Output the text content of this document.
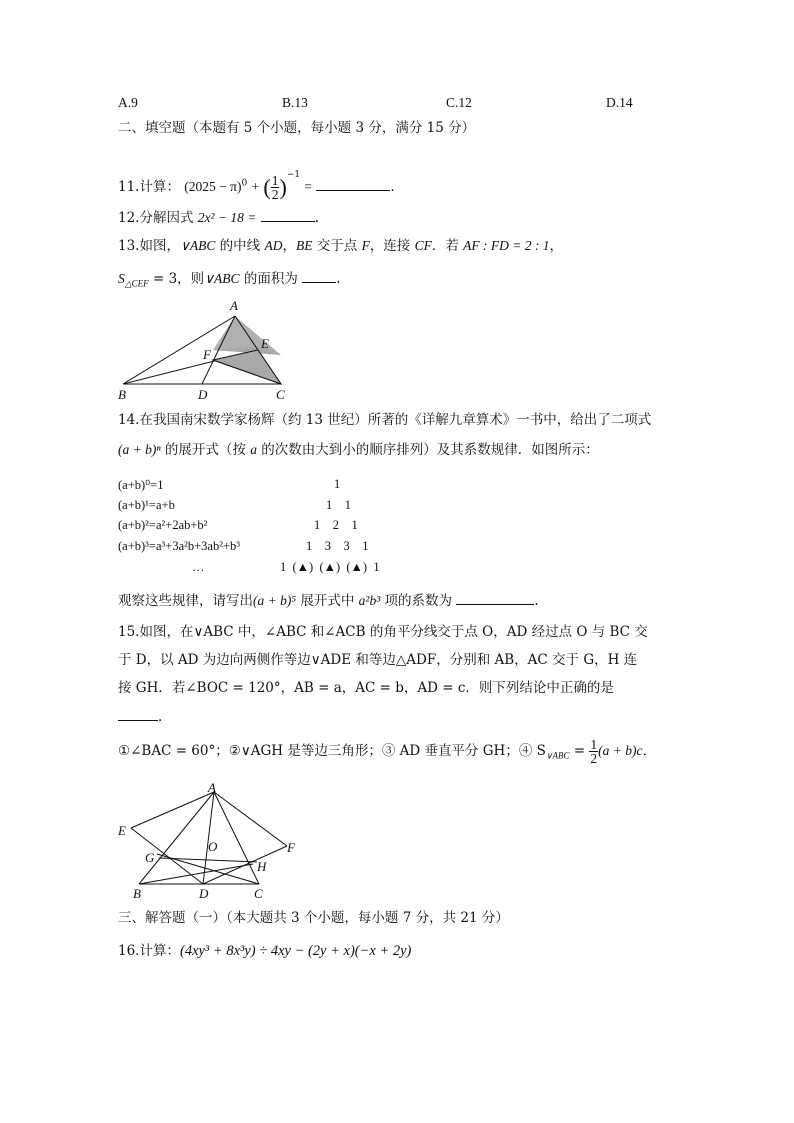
A.9	B.13	C.12	D.14
二、填空题（本题有 5 个小题，每小题 3 分，满分 15 分）
11.计算： $(2025 - \pi)^0$ + ( $\frac{1}{2} )^{-1}$ =	.
12.分解因式 2x² − 18 =	.
13.如图，∨ABC 的中线 AD，BE 交于点 F，连接 CF．若 AF : FD = 2 : 1，
$S_{\triangle CEF} = 3$，则∨ABC 的面积为	.
A
E
F
B	D	C
14.在我国南宋数学家杨辉（约 13 世纪）所著的《详解九章算术》一书中，给出了二项式
(a + b)ⁿ 的展开式（按 a 的次数由大到小的顺序排列）及其系数规律．如图所示：
(a+b)⁰=1
(a+b)¹=a+b
(a+b)²=a²+2ab+b²
(a+b)³=a³+3a²b+3ab²+b³
…
1
1    1
1    2    1
1    3    3    1
1  (▲)  (▲)  (▲)  1
观察这些规律，请写出(a + b)⁵ 展开式中 a²b³ 项的系数为	.
15.如图，在∨ABC 中，∠ABC 和∠ACB 的角平分线交于点 O，AD 经过点 O 与 BC 交
于 D，以 AD 为边向两侧作等边∨ADE 和等边△ADF，分别和 AB，AC 交于 G，H 连
接 GH．若∠BOC = 120°，AB = a，AC = b，AD = c．则下列结论中正确的是
.
①∠BAC = 60°；②∨AGH 是等边三角形；③ AD 垂直平分 GH；④ $S_{\vee ABC} = \frac{1}{2} (a + b)c$．
A
E
F
O
G
H
B	D	C
三、解答题（一）（本大题共 3 个小题，每小题 7 分，共 21 分）
16.计算：(4xy³ + 8x³y) ÷ 4xy − (2y + x)(−x + 2y)
